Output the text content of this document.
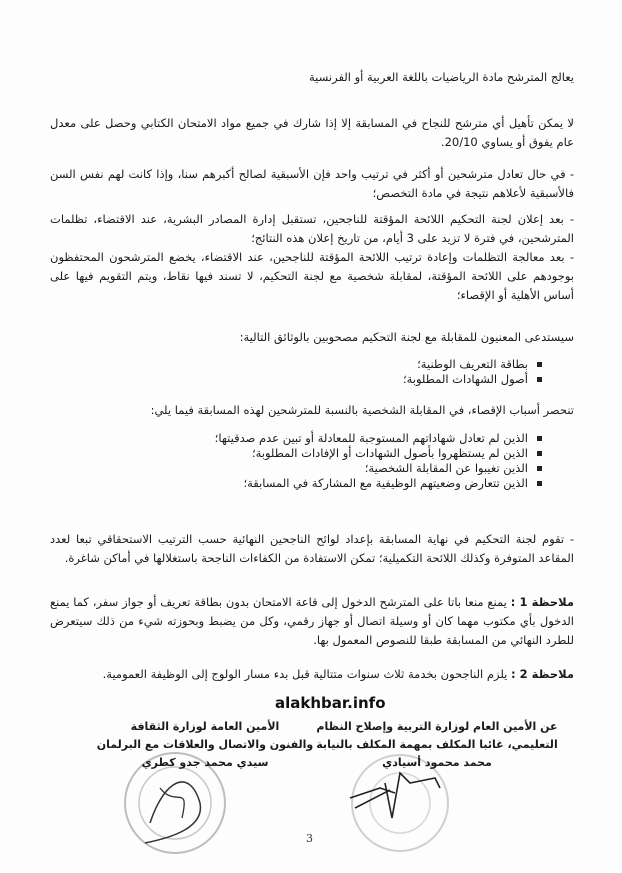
يعالج المترشح مادة الرياضيات باللغة العربية أو الفرنسية
لا يمكن تأهيل أي مترشح للنجاح في المسابقة إلا إذا شارك في جميع مواد الامتحان الكتابي وحصل على معدل عام يفوق أو يساوي 20/10.
- في حال تعادل مترشحين أو أكثر في ترتيب واحد فإن الأسبقية لصالح أكبرهم سنا، وإذا كانت لهم نفس السن فالأسبقية لأعلاهم نتيجة في مادة التخصص؛
- بعد إعلان لجنة التحكيم اللائحة المؤقتة للناجحين، تستقبل إدارة المصادر البشرية، عند الاقتضاء، تظلمات المترشحين، في فترة لا تزيد على 3 أيام، من تاريخ إعلان هذه النتائج؛
- بعد معالجة التظلمات وإعادة ترتيب اللائحة المؤقتة للناجحين، عند الاقتضاء، يخضع المترشحون المحتفظون بوجودهم على اللائحة المؤقتة، لمقابلة شخصية مع لجنة التحكيم، لا تسند فيها نقاط، ويتم التقويم فيها على أساس الأهلية أو الإقصاء؛
سيستدعى المعنيون للمقابلة مع لجنة التحكيم مصحوبين بالوثائق التالية:
بطاقة التعريف الوطنية؛
أصول الشهادات المطلوبة؛
تنحصر أسباب الإقصاء، في المقابلة الشخصية بالنسبة للمترشحين لهذه المسابقة فيما يلي:
الذين لم تعادل شهاداتهم المستوجبة للمعادلة أو تبين عدم صدقيتها؛
الذين لم يستظهروا بأصول الشهادات أو الإفادات المطلوبة؛
الذين تغيبوا عن المقابلة الشخصية؛
الذين تتعارض وضعيتهم الوظيفية مع المشاركة في المسابقة؛
- تقوم لجنة التحكيم في نهاية المسابقة بإعداد لوائح الناجحين النهائية حسب الترتيب الاستحقاقي تبعا لعدد المقاعد المتوفرة وكذلك اللائحة التكميلية؛ تمكن الاستفادة من الكفاءات الناجحة باستغلالها في أماكن شاغرة.
ملاحظة 1 : يمنع منعا باتا على المترشح الدخول إلى قاعة الامتحان بدون بطاقة تعريف أو جواز سفر، كما يمنع الدخول بأي مكتوب مهما كان أو وسيلة اتصال أو جهاز رقمي، وكل من يضبط وبحوزته شيء من ذلك سيتعرض للطرد النهائي من المسابقة طبقا للنصوص المعمول بها.
ملاحظة 2 : يلزم الناجحون بخدمة ثلاث سنوات متتالية قبل بدء مسار الولوج إلى الوظيفة العمومية.
alakhbar.info
عن الأمين العام لوزارة التربية وإصلاح النظام
التعليمي، غائبا المكلف بمهمة المكلف بالنيابة
محمد محمود أسيادي
الأمين العامة لوزارة الثقافة
والفنون والاتصال والعلاقات مع البرلمان
سيدي محمد جدو كطري
3
